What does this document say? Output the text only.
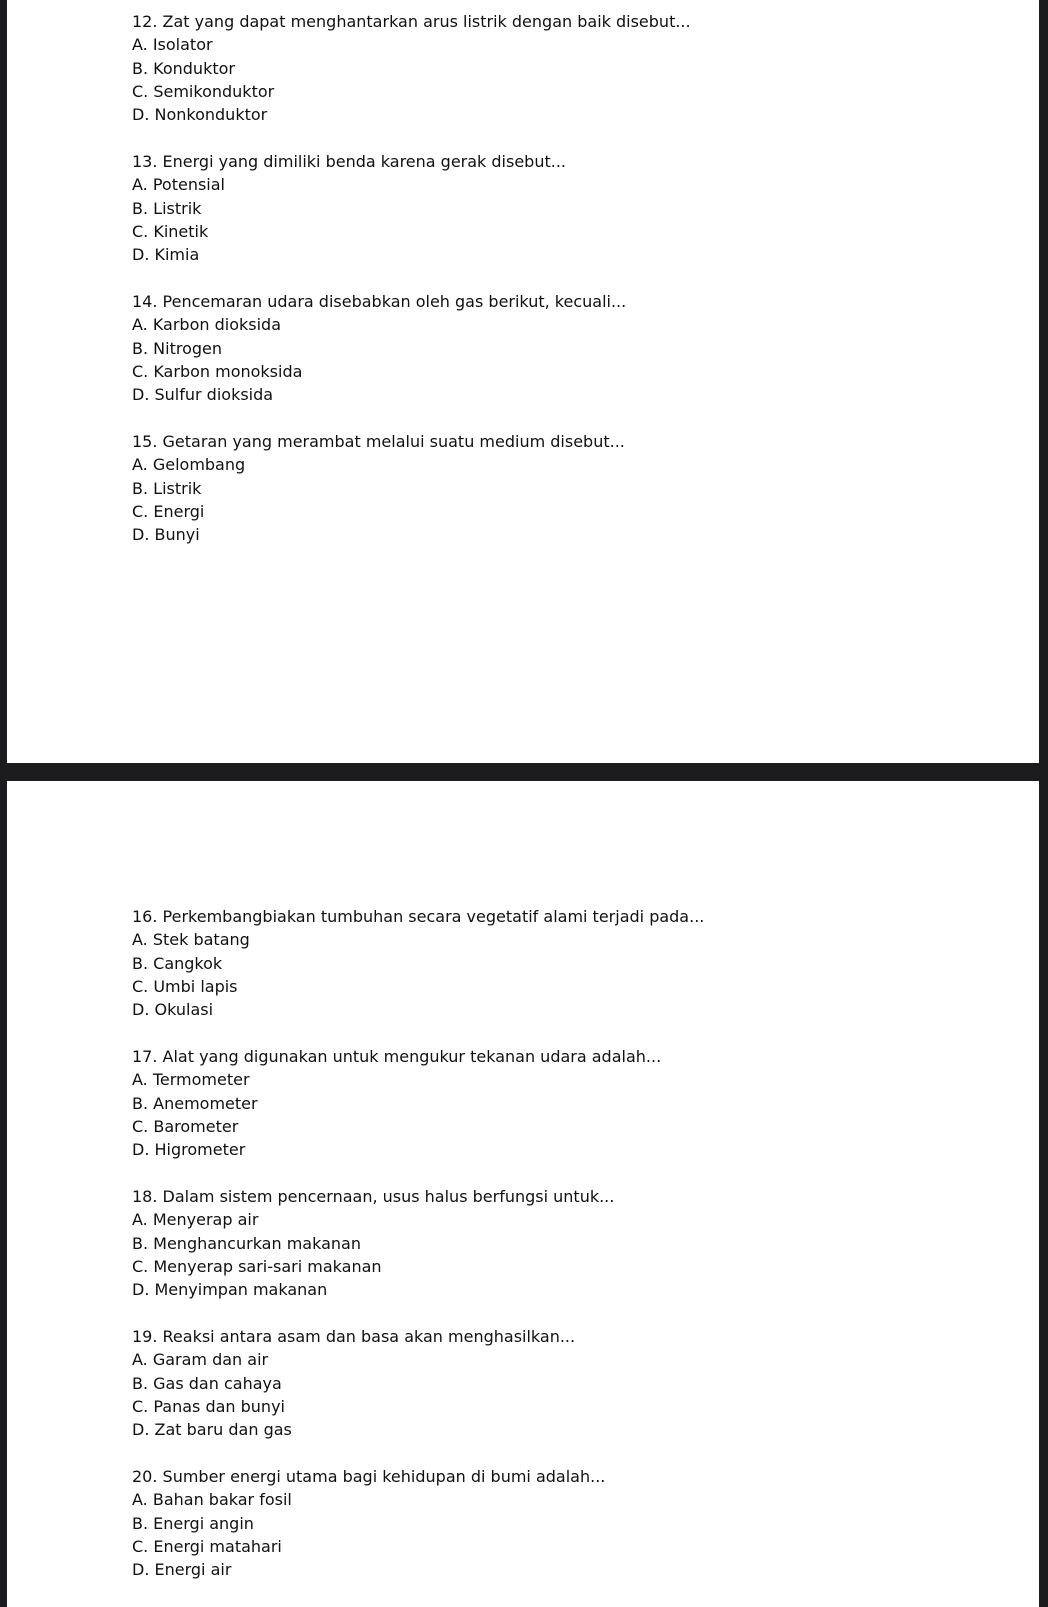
12. Zat yang dapat menghantarkan arus listrik dengan baik disebut...
A. Isolator
B. Konduktor
C. Semikonduktor
D. Nonkonduktor
13. Energi yang dimiliki benda karena gerak disebut...
A. Potensial
B. Listrik
C. Kinetik
D. Kimia
14. Pencemaran udara disebabkan oleh gas berikut, kecuali...
A. Karbon dioksida
B. Nitrogen
C. Karbon monoksida
D. Sulfur dioksida
15. Getaran yang merambat melalui suatu medium disebut...
A. Gelombang
B. Listrik
C. Energi
D. Bunyi
16. Perkembangbiakan tumbuhan secara vegetatif alami terjadi pada...
A. Stek batang
B. Cangkok
C. Umbi lapis
D. Okulasi
17. Alat yang digunakan untuk mengukur tekanan udara adalah...
A. Termometer
B. Anemometer
C. Barometer
D. Higrometer
18. Dalam sistem pencernaan, usus halus berfungsi untuk...
A. Menyerap air
B. Menghancurkan makanan
C. Menyerap sari-sari makanan
D. Menyimpan makanan
19. Reaksi antara asam dan basa akan menghasilkan...
A. Garam dan air
B. Gas dan cahaya
C. Panas dan bunyi
D. Zat baru dan gas
20. Sumber energi utama bagi kehidupan di bumi adalah...
A. Bahan bakar fosil
B. Energi angin
C. Energi matahari
D. Energi air
